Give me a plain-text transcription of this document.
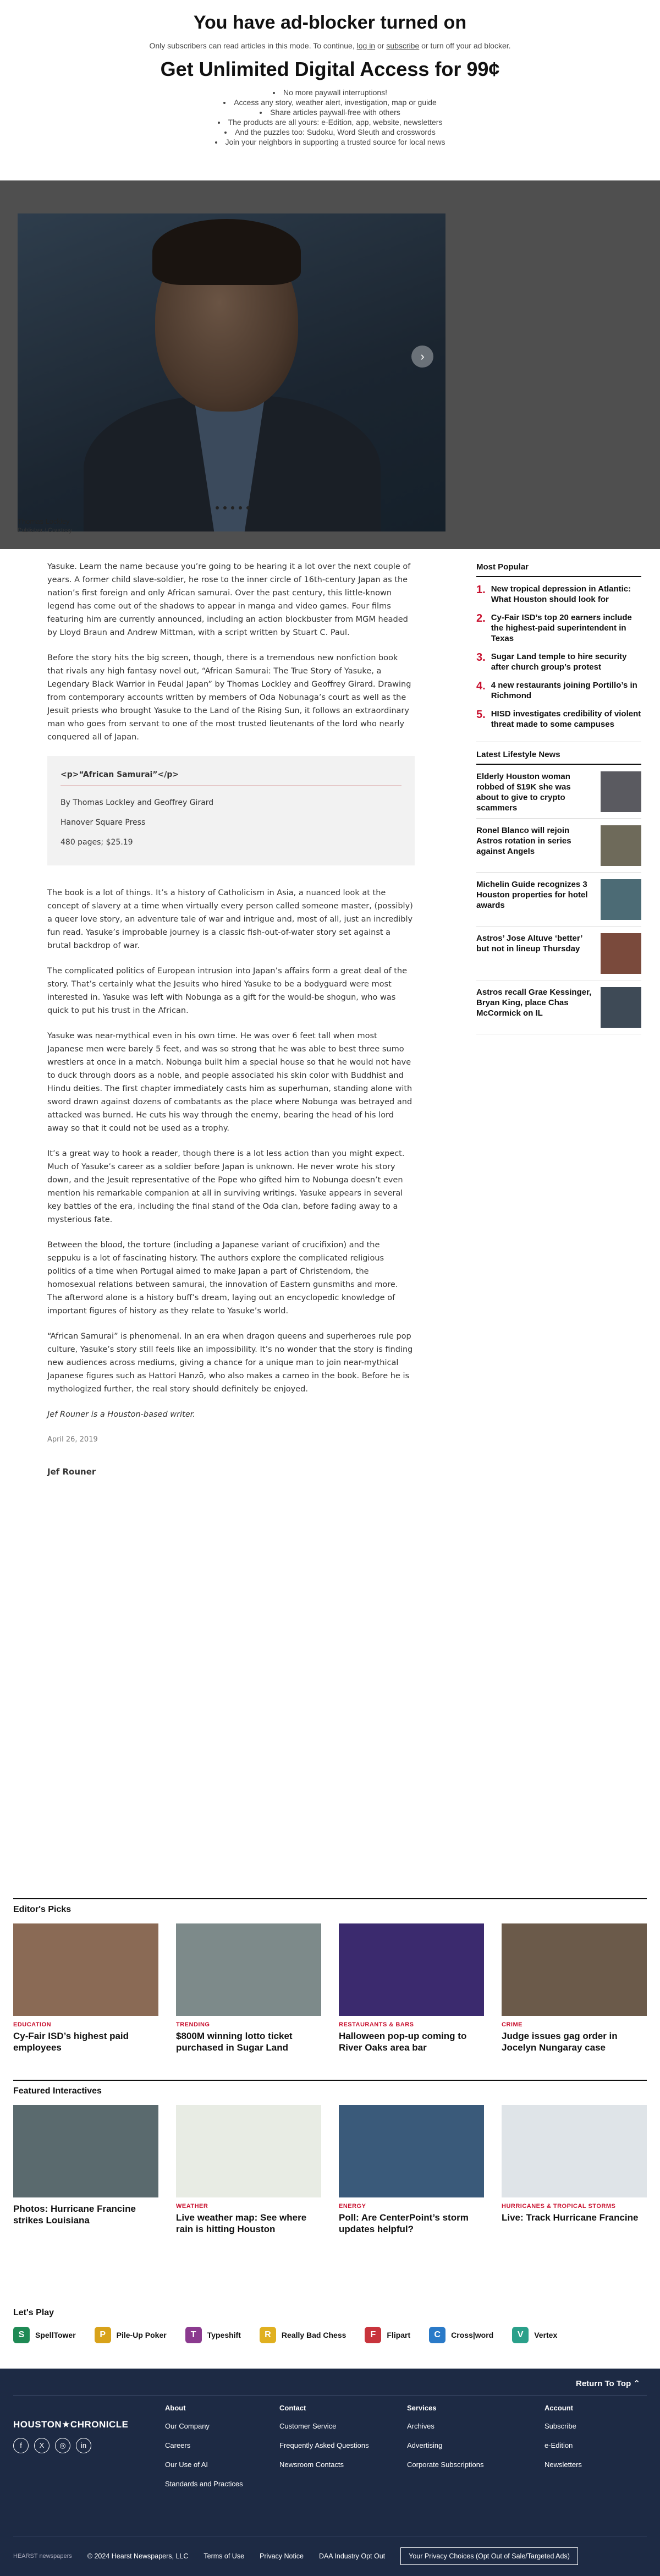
You have ad-blocker turned on
Only subscribers can read articles in this mode. To continue, log in or subscribe or turn off your ad blocker.
Get Unlimited Digital Access for 99¢
• No more paywall interruptions!
• Access any story, weather alert, investigation, map or guide
• Share articles paywall-free with others
• The products are all yours: e-Edition, app, website, newsletters
• And the puzzles too: Sudoku, Word Sleuth and crosswords
• Join your neighbors in supporting a trusted source for local news
›
Thomas Lockley
Publisher / Courtesy

Yasuke. Learn the name because you’re going to be hearing it a lot over the next couple of years. A former child slave-soldier, he rose to the inner circle of 16th-century Japan as the nation’s first foreign and only African samurai. Over the past century, this little-known legend has come out of the shadows to appear in manga and video games. Four films featuring him are currently announced, including an action blockbuster from MGM headed by Lloyd Braun and Andrew Mittman, with a script written by Stuart C. Paul.

Before the story hits the big screen, though, there is a tremendous new nonfiction book that rivals any high fantasy novel out, “African Samurai: The True Story of Yasuke, a Legendary Black Warrior in Feudal Japan” by Thomas Lockley and Geoffrey Girard. Drawing from contemporary accounts written by members of Oda Nobunaga’s court as well as the Jesuit priests who brought Yasuke to the Land of the Rising Sun, it follows an extraordinary man who goes from servant to one of the most trusted lieutenants of the lord who nearly conquered all of Japan.

<p>“African Samurai”</p>
By Thomas Lockley and Geoffrey Girard
Hanover Square Press
480 pages; $25.19

The book is a lot of things. It’s a history of Catholicism in Asia, a nuanced look at the concept of slavery at a time when virtually every person called someone master, (possibly) a queer love story, an adventure tale of war and intrigue and, most of all, just an incredibly fun read. Yasuke’s improbable journey is a classic fish-out-of-water story set against a brutal backdrop of war.

The complicated politics of European intrusion into Japan’s affairs form a great deal of the story. That’s certainly what the Jesuits who hired Yasuke to be a bodyguard were most interested in. Yasuke was left with Nobunga as a gift for the would-be shogun, who was quick to put his trust in the African.

Yasuke was near-mythical even in his own time. He was over 6 feet tall when most Japanese men were barely 5 feet, and was so strong that he was able to best three sumo wrestlers at once in a match. Nobunga built him a special house so that he would not have to duck through doors as a noble, and people associated his skin color with Buddhist and Hindu deities. The first chapter immediately casts him as superhuman, standing alone with sword drawn against dozens of combatants as the place where Nobunga was betrayed and attacked was burned. He cuts his way through the enemy, bearing the head of his lord away so that it could not be used as a trophy.

It’s a great way to hook a reader, though there is a lot less action than you might expect. Much of Yasuke’s career as a soldier before Japan is unknown. He never wrote his story down, and the Jesuit representative of the Pope who gifted him to Nobunga doesn’t even mention his remarkable companion at all in surviving writings. Yasuke appears in several key battles of the era, including the final stand of the Oda clan, before fading away to a mysterious fate.

Between the blood, the torture (including a Japanese variant of crucifixion) and the seppuku is a lot of fascinating history. The authors explore the complicated religious politics of a time when Portugal aimed to make Japan a part of Christendom, the homosexual relations between samurai, the innovation of Eastern gunsmiths and more. The afterword alone is a history buff’s dream, laying out an encyclopedic knowledge of important figures of history as they relate to Yasuke’s world.

“African Samurai” is phenomenal. In an era when dragon queens and superheroes rule pop culture, Yasuke’s story still feels like an impossibility. It’s no wonder that the story is finding new audiences across mediums, giving a chance for a unique man to join near-mythical Japanese figures such as Hattori Hanzō, who also makes a cameo in the book. Before he is mythologized further, the real story should definitely be enjoyed.

Jef Rouner is a Houston-based writer.

April 26, 2019
Jef Rouner
Most Popular
1. New tropical depression in Atlantic: What Houston should look for
2. Cy-Fair ISD’s top 20 earners include the highest-paid superintendent in Texas
3. Sugar Land temple to hire security after church group’s protest
4. 4 new restaurants joining Portillo’s in Richmond
5. HISD investigates credibility of violent threat made to some campuses
Latest Lifestyle News
Elderly Houston woman robbed of $19K she was about to give to crypto scammers
Ronel Blanco will rejoin Astros rotation in series against Angels
Michelin Guide recognizes 3 Houston properties for hotel awards
Astros’ Jose Altuve ‘better’ but not in lineup Thursday
Astros recall Grae Kessinger, Bryan King, place Chas McCormick on IL
Editor's Picks
EDUCATION
Cy-Fair ISD’s highest paid employees
TRENDING
$800M winning lotto ticket purchased in Sugar Land
RESTAURANTS & BARS
Halloween pop-up coming to River Oaks area bar
CRIME
Judge issues gag order in Jocelyn Nungaray case
Featured Interactives
Photos: Hurricane Francine strikes Louisiana
WEATHER
Live weather map: See where rain is hitting Houston
ENERGY
Poll: Are CenterPoint’s storm updates helpful?
HURRICANES & TROPICAL STORMS
Live: Track Hurricane Francine
Let's Play
S	SpellTower	P	Pile-Up Poker	T	Typeshift	R	Really Bad Chess	F	Flipart	C	Cross|word	V	Vertex
Return To Top ⌃
HOUSTON★CHRONICLE
f	X	◎	in
About
Our Company
Careers
Our Use of AI
Standards and Practices
Contact
Customer Service
Frequently Asked Questions
Newsroom Contacts
Services
Archives
Advertising
Corporate Subscriptions
Account
Subscribe
e-Edition
Newsletters
HEARST newspapers © 2024 Hearst Newspapers, LLC Terms of Use Privacy Notice DAA Industry Opt Out	Your Privacy Choices (Opt Out of Sale/Targeted Ads)
